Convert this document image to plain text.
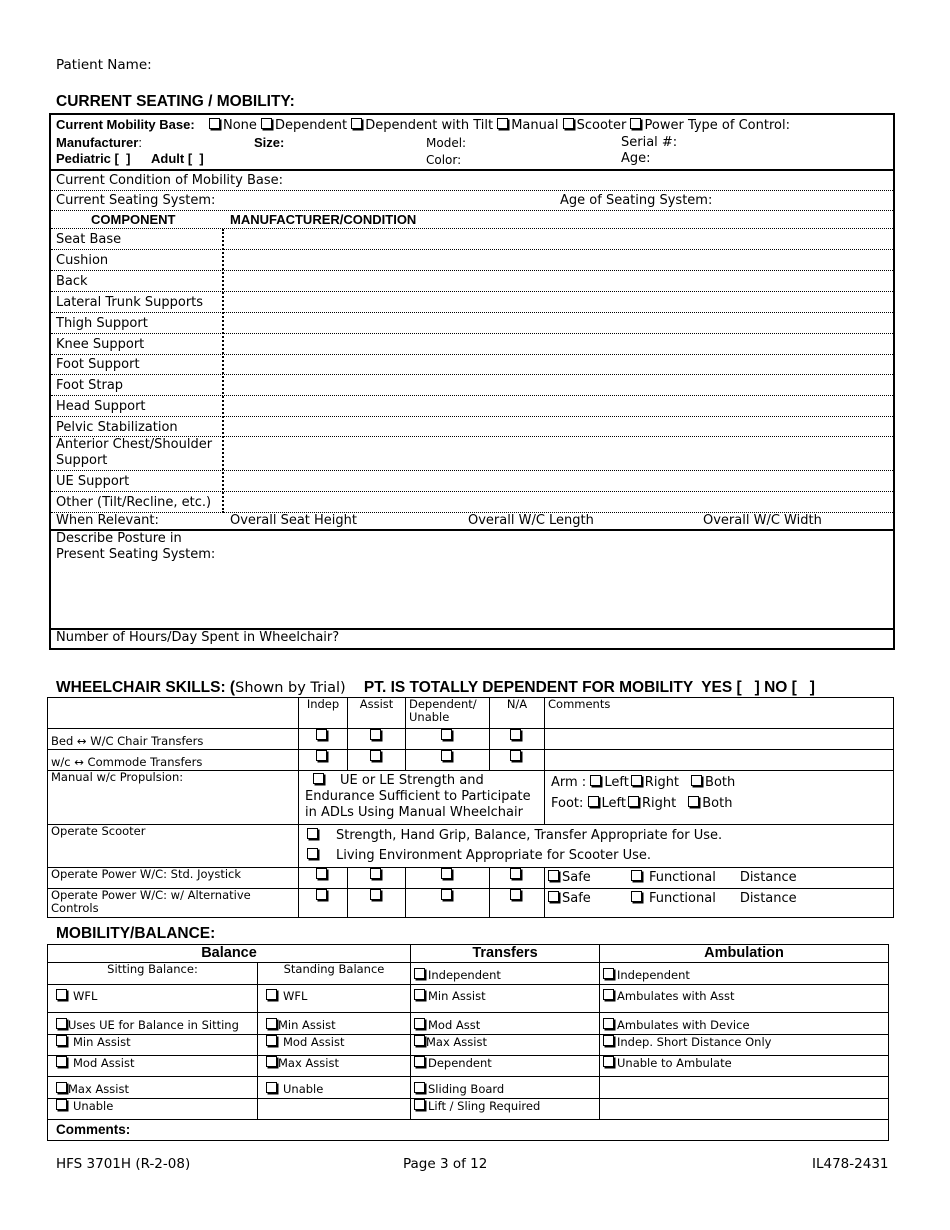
Patient Name:
CURRENT SEATING / MOBILITY:
Current Mobility Base: None Dependent Dependent with Tilt Manual Scooter Power Type of Control:
Manufacturer:	Size:	Model:	Serial #:
Pediatric [  ] Adult [  ]	Color:	Age:
Current Condition of Mobility Base:
Current Seating System:	Age of Seating System:
COMPONENT	MANUFACTURER/CONDITION
Seat Base
Cushion
Back
Lateral Trunk Supports
Thigh Support
Knee Support
Foot Support
Foot Strap
Head Support
Pelvic Stabilization
Anterior Chest/Shoulder Support
UE Support
Other (Tilt/Recline, etc.)
When Relevant:	Overall Seat Height	Overall W/C Length	Overall W/C Width
Describe Posture in
Present Seating System:
Number of Hours/Day Spent in Wheelchair?
WHEELCHAIR SKILLS: (Shown by Trial) PT. IS TOTALLY DEPENDENT FOR MOBILITY  YES [   ] NO [   ]
	Indep	Assist	Dependent/ Unable	N/A	Comments
Bed ↔ W/C Chair Transfers					
w/c ↔ Commode Transfers					
Manual w/c Propulsion:	UE or LE Strength and Endurance Sufficient to Participate in ADLs Using Manual Wheelchair				Arm : Left Right Both
Foot: Left Right Both

Operate Scooter	Strength, Hand Grip, Balance, Transfer Appropriate for Use.
Living Environment Appropriate for Scooter Use.				

Operate Power W/C: Std. Joystick					Safe Functional Distance
Operate Power W/C: w/ Alternative Controls					Safe Functional Distance
MOBILITY/BALANCE:
Balance		Transfers	Ambulation
Sitting Balance:	Standing Balance	Independent	Independent
WFL	WFL	Min Assist	Ambulates with Asst
Uses UE for Balance in Sitting	Min Assist	Mod Asst	Ambulates with Device
Min Assist	Mod Assist	Max Assist	Indep. Short Distance Only
Mod Assist	Max Assist	Dependent	Unable to Ambulate
Max Assist	Unable	Sliding Board	
Unable		Lift / Sling Required	
Comments:			
HFS 3701H (R-2-08)	Page 3 of 12	IL478-2431
